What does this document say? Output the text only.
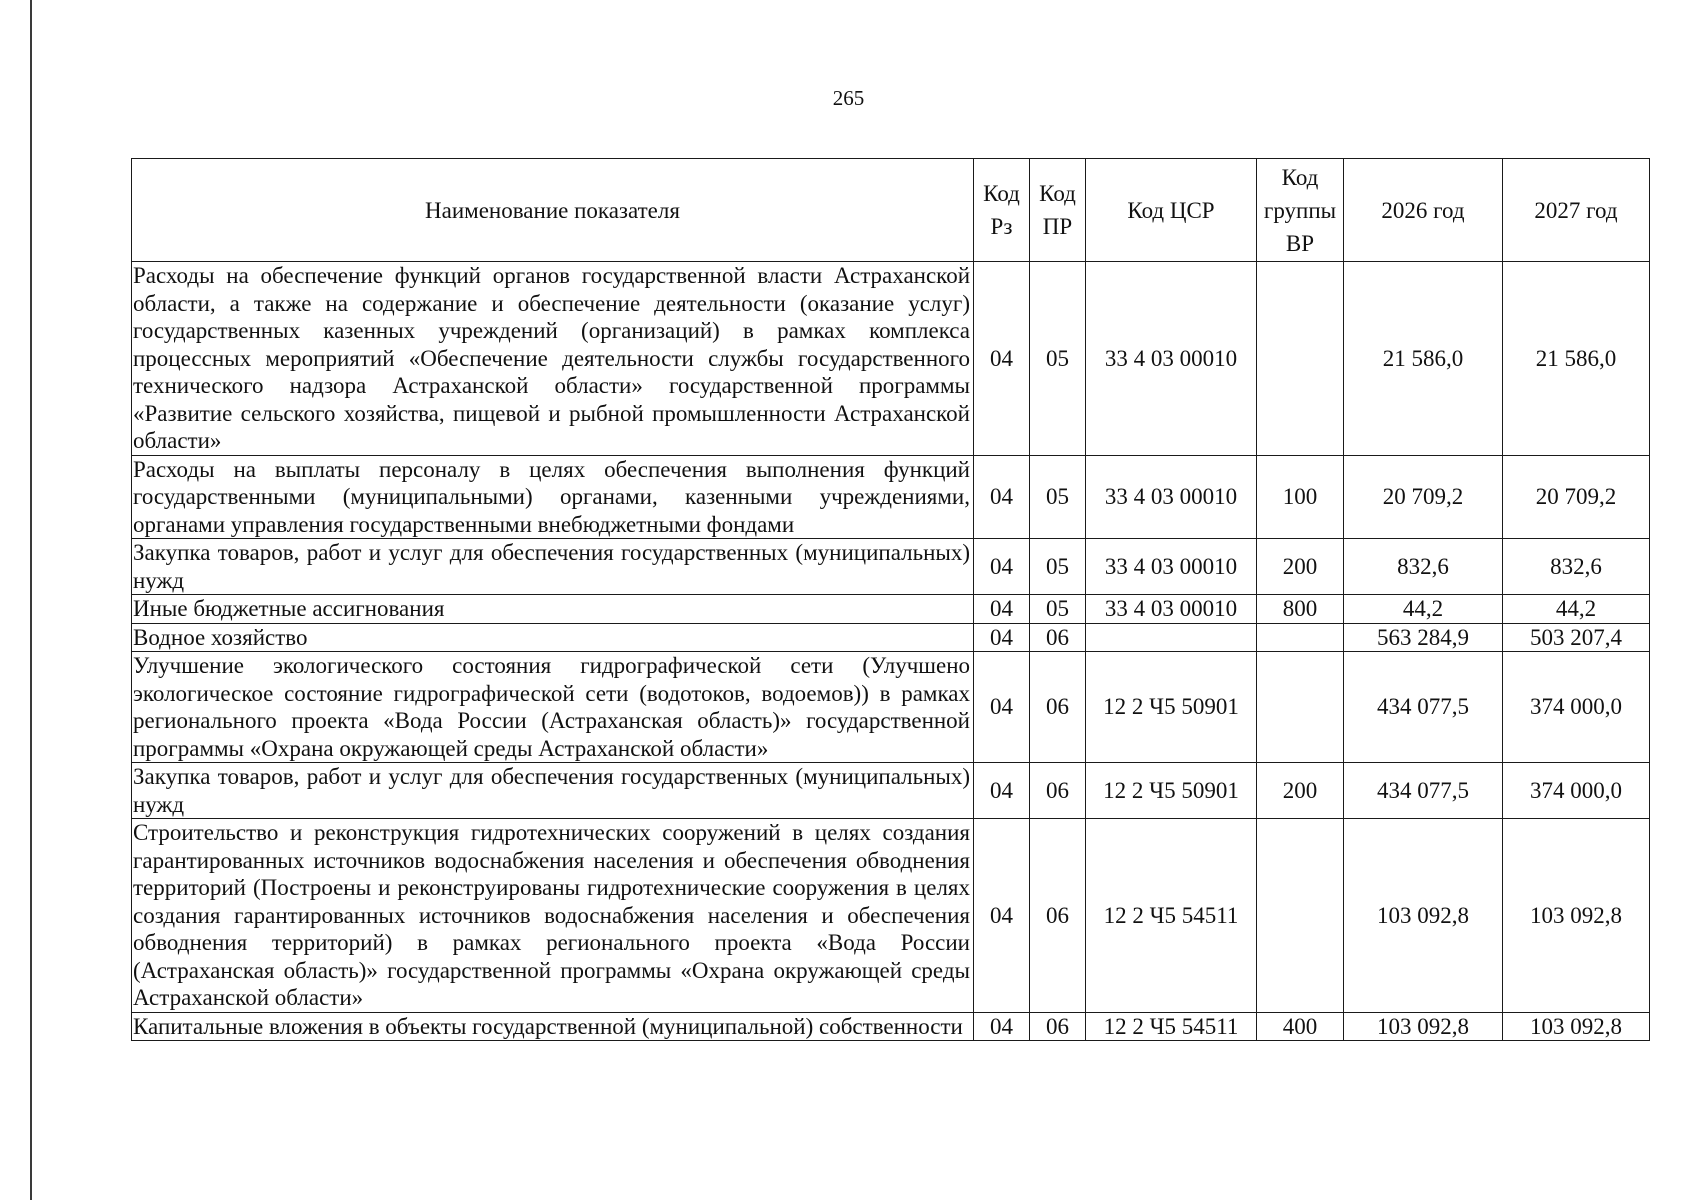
265
Наименование показателя	Код Рз	Код ПР	Код ЦСР	Код группы ВР	2026 год	2027 год
Расходы на обеспечение функций органов государственной власти Астраханской области, а также на содержание и обеспечение деятельности (оказание услуг) государственных казенных учреждений (организаций) в рамках комплекса процессных мероприятий «Обеспечение деятельности службы государственного технического надзора Астраханской области» государственной программы «Развитие сельского хозяйства, пищевой и рыбной промышленности Астраханской области»	04	05	33 4 03 00010		21 586,0	21 586,0
Расходы на выплаты персоналу в целях обеспечения выполнения функций государственными (муниципальными) органами, казенными учреждениями, органами управления государственными внебюджетными фондами	04	05	33 4 03 00010	100	20 709,2	20 709,2
Закупка товаров, работ и услуг для обеспечения государственных (муниципальных) нужд	04	05	33 4 03 00010	200	832,6	832,6
Иные бюджетные ассигнования	04	05	33 4 03 00010	800	44,2	44,2
Водное хозяйство	04	06			563 284,9	503 207,4
Улучшение экологического состояния гидрографической сети (Улучшено экологическое состояние гидрографической сети (водотоков, водоемов)) в рамках регионального проекта «Вода России (Астраханская область)» государственной программы «Охрана окружающей среды Астраханской области»	04	06	12 2 Ч5 50901		434 077,5	374 000,0
Закупка товаров, работ и услуг для обеспечения государственных (муниципальных) нужд	04	06	12 2 Ч5 50901	200	434 077,5	374 000,0
Строительство и реконструкция гидротехнических сооружений в целях создания гарантированных источников водоснабжения населения и обеспечения обводнения территорий (Построены и реконструированы гидротехнические сооружения в целях создания гарантированных источников водоснабжения населения и обеспечения обводнения территорий) в рамках регионального проекта «Вода России (Астраханская область)» государственной программы «Охрана окружающей среды Астраханской области»	04	06	12 2 Ч5 54511		103 092,8	103 092,8
Капитальные вложения в объекты государственной (муниципальной) собственности	04	06	12 2 Ч5 54511	400	103 092,8	103 092,8
